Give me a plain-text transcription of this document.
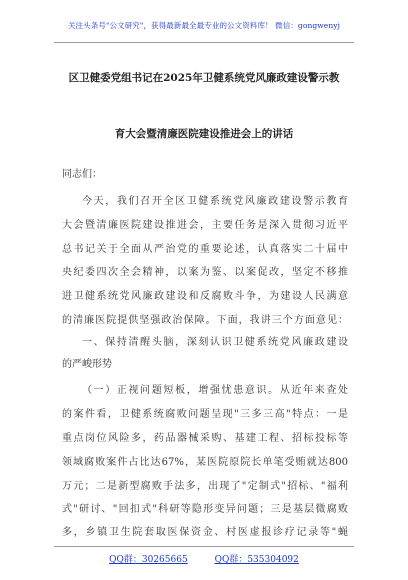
关注头条号"公文研究"，获得最新最全最专业的公文资料库！ 微信：gongwenyj
区卫健委党组书记在2025年卫健系统党风廉政建设警示教
育大会暨清廉医院建设推进会上的讲话
同志们：
今天，我们召开全区卫健系统党风廉政建设警示教育
大会暨清廉医院建设推进会，主要任务是深入贯彻习近平
总书记关于全面从严治党的重要论述，认真落实二十届中
央纪委四次全会精神，以案为鉴、以案促改，坚定不移推
进卫健系统党风廉政建设和反腐败斗争，为建设人民满意
的清廉医院提供坚强政治保障。下面，我讲三个方面意见：
一、保持清醒头脑，深刻认识卫健系统党风廉政建设
的严峻形势
（一）正视问题短板，增强忧患意识。从近年来查处
的案件看，卫健系统腐败问题呈现"三多三高"特点：一是
重点岗位风险多，药品器械采购、基建工程、招标投标等
领域腐败案件占比达67%，某医院原院长单笔受贿就达800
万元；二是新型腐败手法多，出现了"定制式"招标、"福利
式"研讨、"回扣式"科研等隐形变异问题；三是基层微腐败
多，乡镇卫生院套取医保资金、村医虚报诊疗记录等"蝇
QQ群：30265665	QQ群：535304092
